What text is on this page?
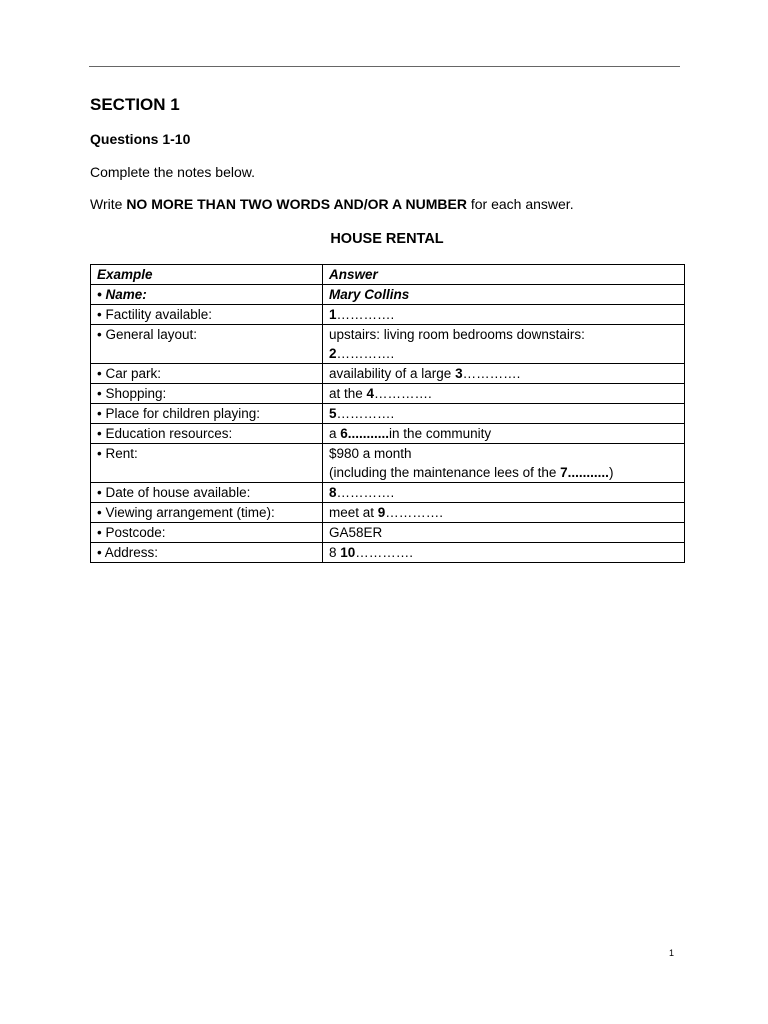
SECTION 1
Questions 1-10
Complete the notes below.
Write NO MORE THAN TWO WORDS AND/OR A NUMBER for each answer.
HOUSE RENTAL
Example	Answer
• Name:	Mary Collins
• Factility available:	1………….
• General layout:	upstairs: living room bedrooms downstairs:
2………….

• Car park:	availability of a large 3………….
• Shopping:	at the 4………….
• Place for children playing:	5………….
• Education resources:	a 6...........in the community
• Rent:	$980 a month
(including the maintenance lees of the 7...........)

• Date of house available:	8………….
• Viewing arrangement (time):	meet at 9………….
• Postcode:	GA58ER
• Address:	8 10………….
1
